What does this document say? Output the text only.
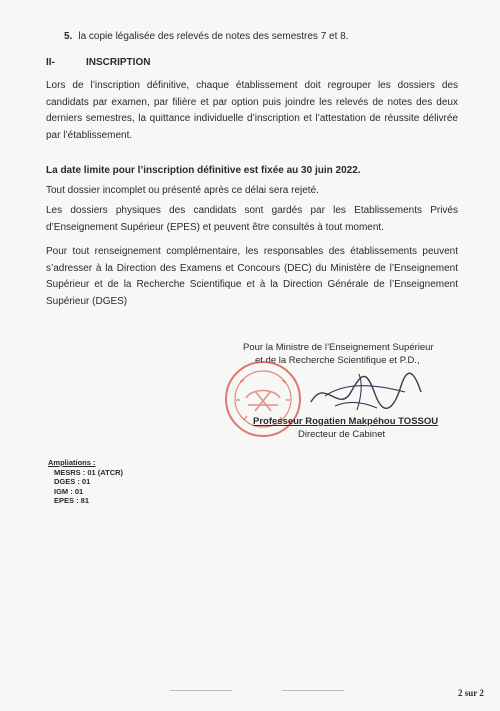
5. la copie légalisée des relevés de notes des semestres 7 et 8.
II-	INSCRIPTION

Lors de l’inscription définitive, chaque établissement doit regrouper les dossiers des candidats par examen, par filière et par option puis joindre les relevés de notes des deux derniers semestres, la quittance individuelle d’inscription et l’attestation de réussite délivrée par l’établissement.

La date limite pour l’inscription définitive est fixée au 30 juin 2022.

Tout dossier incomplet ou présenté après ce délai sera rejeté.

Les dossiers physiques des candidats sont gardés par les Etablissements Privés d’Enseignement Supérieur (EPES) et peuvent être consultés à tout moment.

Pour tout renseignement complémentaire, les responsables des établissements peuvent s’adresser à la Direction des Examens et Concours (DEC) du Ministère de l’Enseignement Supérieur et de la Recherche Scientifique et à la Direction Générale de l’Enseignement Supérieur (DGES)

Pour la Ministre de l’Enseignement Supérieur
et de la Recherche Scientifique et P.D.,
Professeur Rogatien Makpéhou TOSSOU
Directeur de Cabinet
Ampliations :
MESRS : 01 (ATCR)
DGES : 01
IGM : 01
EPES : 81
2 sur 2
